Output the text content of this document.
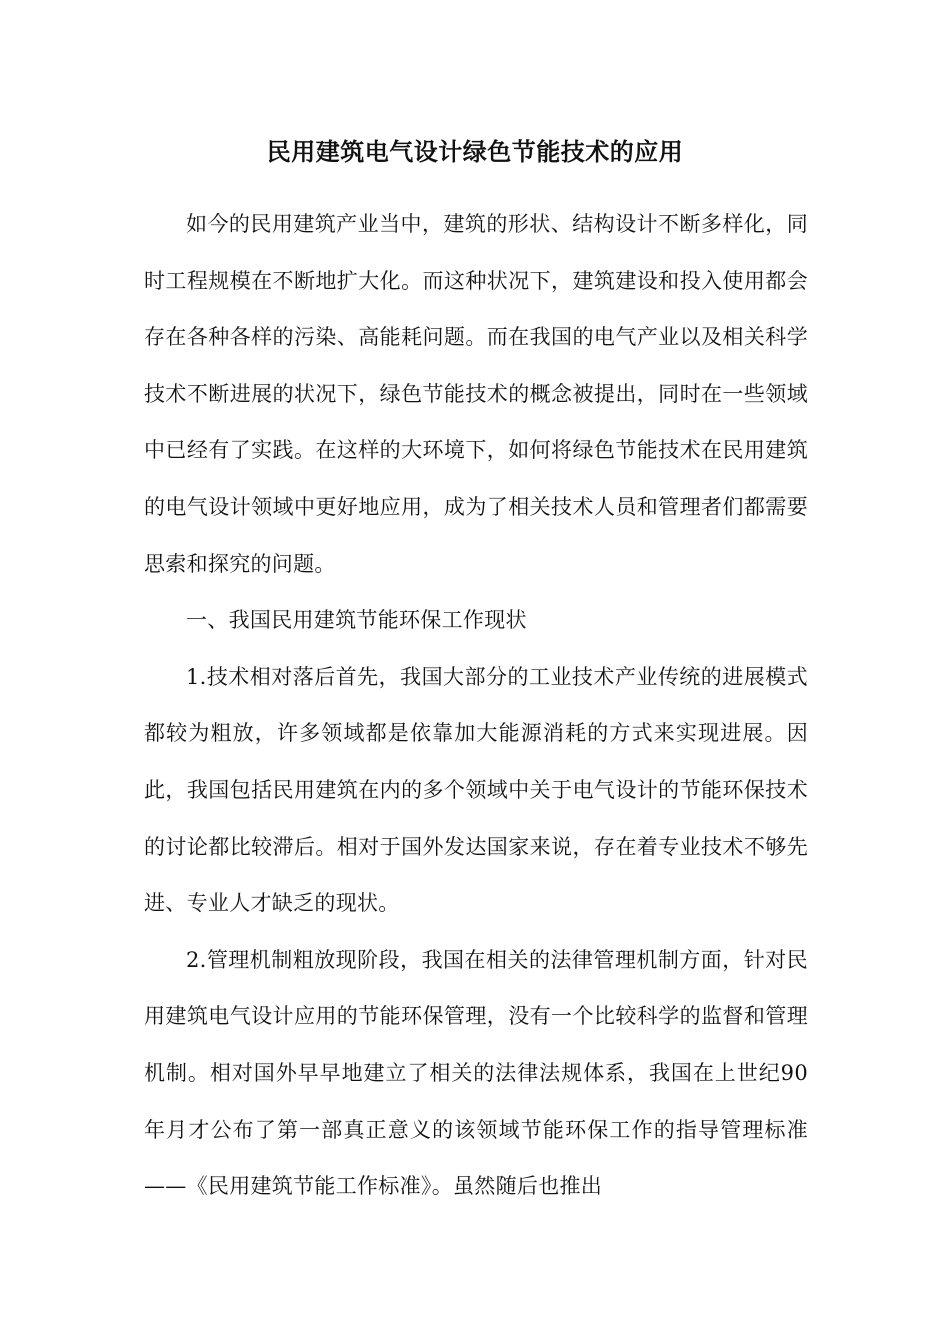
民用建筑电气设计绿色节能技术的应用

如今的民用建筑产业当中，建筑的形状、结构设计不断多样化，同时工程规模在不断地扩大化。而这种状况下，建筑建设和投入使用都会存在各种各样的污染、高能耗问题。而在我国的电气产业以及相关科学技术不断进展的状况下，绿色节能技术的概念被提出，同时在一些领域中已经有了实践。在这样的大环境下，如何将绿色节能技术在民用建筑的电气设计领域中更好地应用，成为了相关技术人员和管理者们都需要思索和探究的问题。

一、我国民用建筑节能环保工作现状

1.技术相对落后首先，我国大部分的工业技术产业传统的进展模式都较为粗放，许多领域都是依靠加大能源消耗的方式来实现进展。因此，我国包括民用建筑在内的多个领域中关于电气设计的节能环保技术的讨论都比较滞后。相对于国外发达国家来说，存在着专业技术不够先进、专业人才缺乏的现状。

2.管理机制粗放现阶段，我国在相关的法律管理机制方面，针对民用建筑电气设计应用的节能环保管理，没有一个比较科学的监督和管理机制。相对国外早早地建立了相关的法律法规体系，我国在上世纪90年月才公布了第一部真正意义的该领域节能环保工作的指导管理标准——《民用建筑节能工作标准》。虽然随后也推出
